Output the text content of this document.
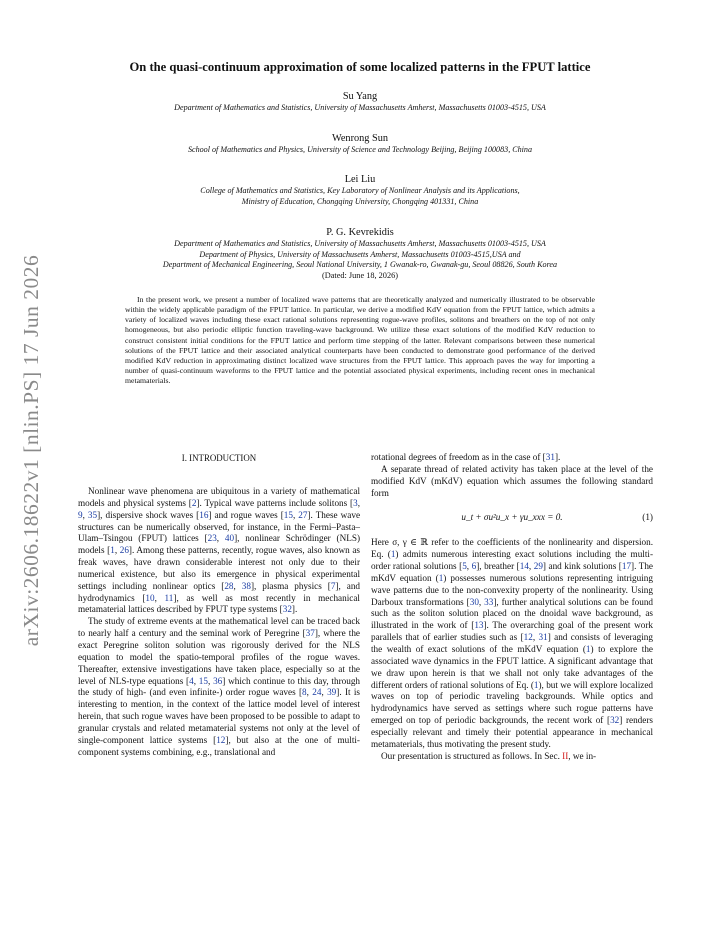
arXiv:2606.18622v1 [nlin.PS] 17 Jun 2026
On the quasi-continuum approximation of some localized patterns in the FPUT lattice
Su Yang
Department of Mathematics and Statistics, University of Massachusetts Amherst, Massachusetts 01003-4515, USA
Wenrong Sun
School of Mathematics and Physics, University of Science and Technology Beijing, Beijing 100083, China
Lei Liu
College of Mathematics and Statistics, Key Laboratory of Nonlinear Analysis and its Applications,
Ministry of Education, Chongqing University, Chongqing 401331, China
P. G. Kevrekidis
Department of Mathematics and Statistics, University of Massachusetts Amherst, Massachusetts 01003-4515, USA
Department of Physics, University of Massachusetts Amherst, Massachusetts 01003-4515,USA and
Department of Mechanical Engineering, Seoul National University, 1 Gwanak-ro, Gwanak-gu, Seoul 08826, South Korea
(Dated: June 18, 2026)

In the present work, we present a number of localized wave patterns that are theoretically analyzed and numerically illustrated to be observable within the widely applicable paradigm of the FPUT lattice. In particular, we derive a modified KdV equation from the FPUT lattice, which admits a variety of localized waves including these exact rational solutions representing rogue-wave profiles, solitons and breathers on the top of not only homogeneous, but also periodic elliptic function traveling-wave background. We utilize these exact solutions of the modified KdV reduction to construct consistent initial conditions for the FPUT lattice and perform time stepping of the latter. Relevant comparisons between these numerical solutions of the FPUT lattice and their associated analytical counterparts have been conducted to demonstrate good performance of the derived modified KdV reduction in approximating distinct localized wave structures from the FPUT lattice. This approach paves the way for importing a number of quasi-continuum waveforms to the FPUT lattice and the potential associated physical experiments, including recent ones in mechanical metamaterials.

I. INTRODUCTION

Nonlinear wave phenomena are ubiquitous in a variety of mathematical models and physical systems [2]. Typical wave patterns include solitons [3, 9, 35], dispersive shock waves [16] and rogue waves [15, 27]. These wave structures can be numerically observed, for instance, in the Fermi–Pasta–Ulam–Tsingou (FPUT) lattices [23, 40], nonlinear Schrödinger (NLS) models [1, 26]. Among these patterns, recently, rogue waves, also known as freak waves, have drawn considerable interest not only due to their numerical existence, but also its emergence in physical experimental settings including nonlinear optics [28, 38], plasma physics [7], and hydrodynamics [10, 11], as well as most recently in mechanical metamaterial lattices described by FPUT type systems [32].

The study of extreme events at the mathematical level can be traced back to nearly half a century and the seminal work of Peregrine [37], where the exact Peregrine soliton solution was rigorously derived for the NLS equation to model the spatio-temporal profiles of the rogue waves. Thereafter, extensive investigations have taken place, especially so at the level of NLS-type equations [4, 15, 36] which continue to this day, through the study of high- (and even infinite-) order rogue waves [8, 24, 39]. It is interesting to mention, in the context of the lattice model level of interest herein, that such rogue waves have been proposed to be possible to adapt to granular crystals and related metamaterial systems not only at the level of single-component lattice systems [12], but also at the one of multi-component systems combining, e.g., translational and

rotational degrees of freedom as in the case of [31].

A separate thread of related activity has taken place at the level of the modified KdV (mKdV) equation which assumes the following standard form

u_t + σu²u_x + γu_xxx = 0.	(1)

Here σ, γ ∈ ℝ refer to the coefficients of the nonlinearity and dispersion. Eq. (1) admits numerous interesting exact solutions including the multi-order rational solutions [5, 6], breather [14, 29] and kink solutions [17]. The mKdV equation (1) possesses numerous solutions representing intriguing wave patterns due to the non-convexity property of the nonlinearity. Using Darboux transformations [30, 33], further analytical solutions can be found such as the soliton solution placed on the dnoidal wave background, as illustrated in the work of [13]. The overarching goal of the present work parallels that of earlier studies such as [12, 31] and consists of leveraging the wealth of exact solutions of the mKdV equation (1) to explore the associated wave dynamics in the FPUT lattice. A significant advantage that we draw upon herein is that we shall not only take advantages of the different orders of rational solutions of Eq. (1), but we will explore localized waves on top of periodic traveling backgrounds. While optics and hydrodynamics have served as settings where such rogue patterns have emerged on top of periodic backgrounds, the recent work of [32] renders especially relevant and timely their potential appearance in mechanical metamaterials, thus motivating the present study.

Our presentation is structured as follows. In Sec. II, we in-
